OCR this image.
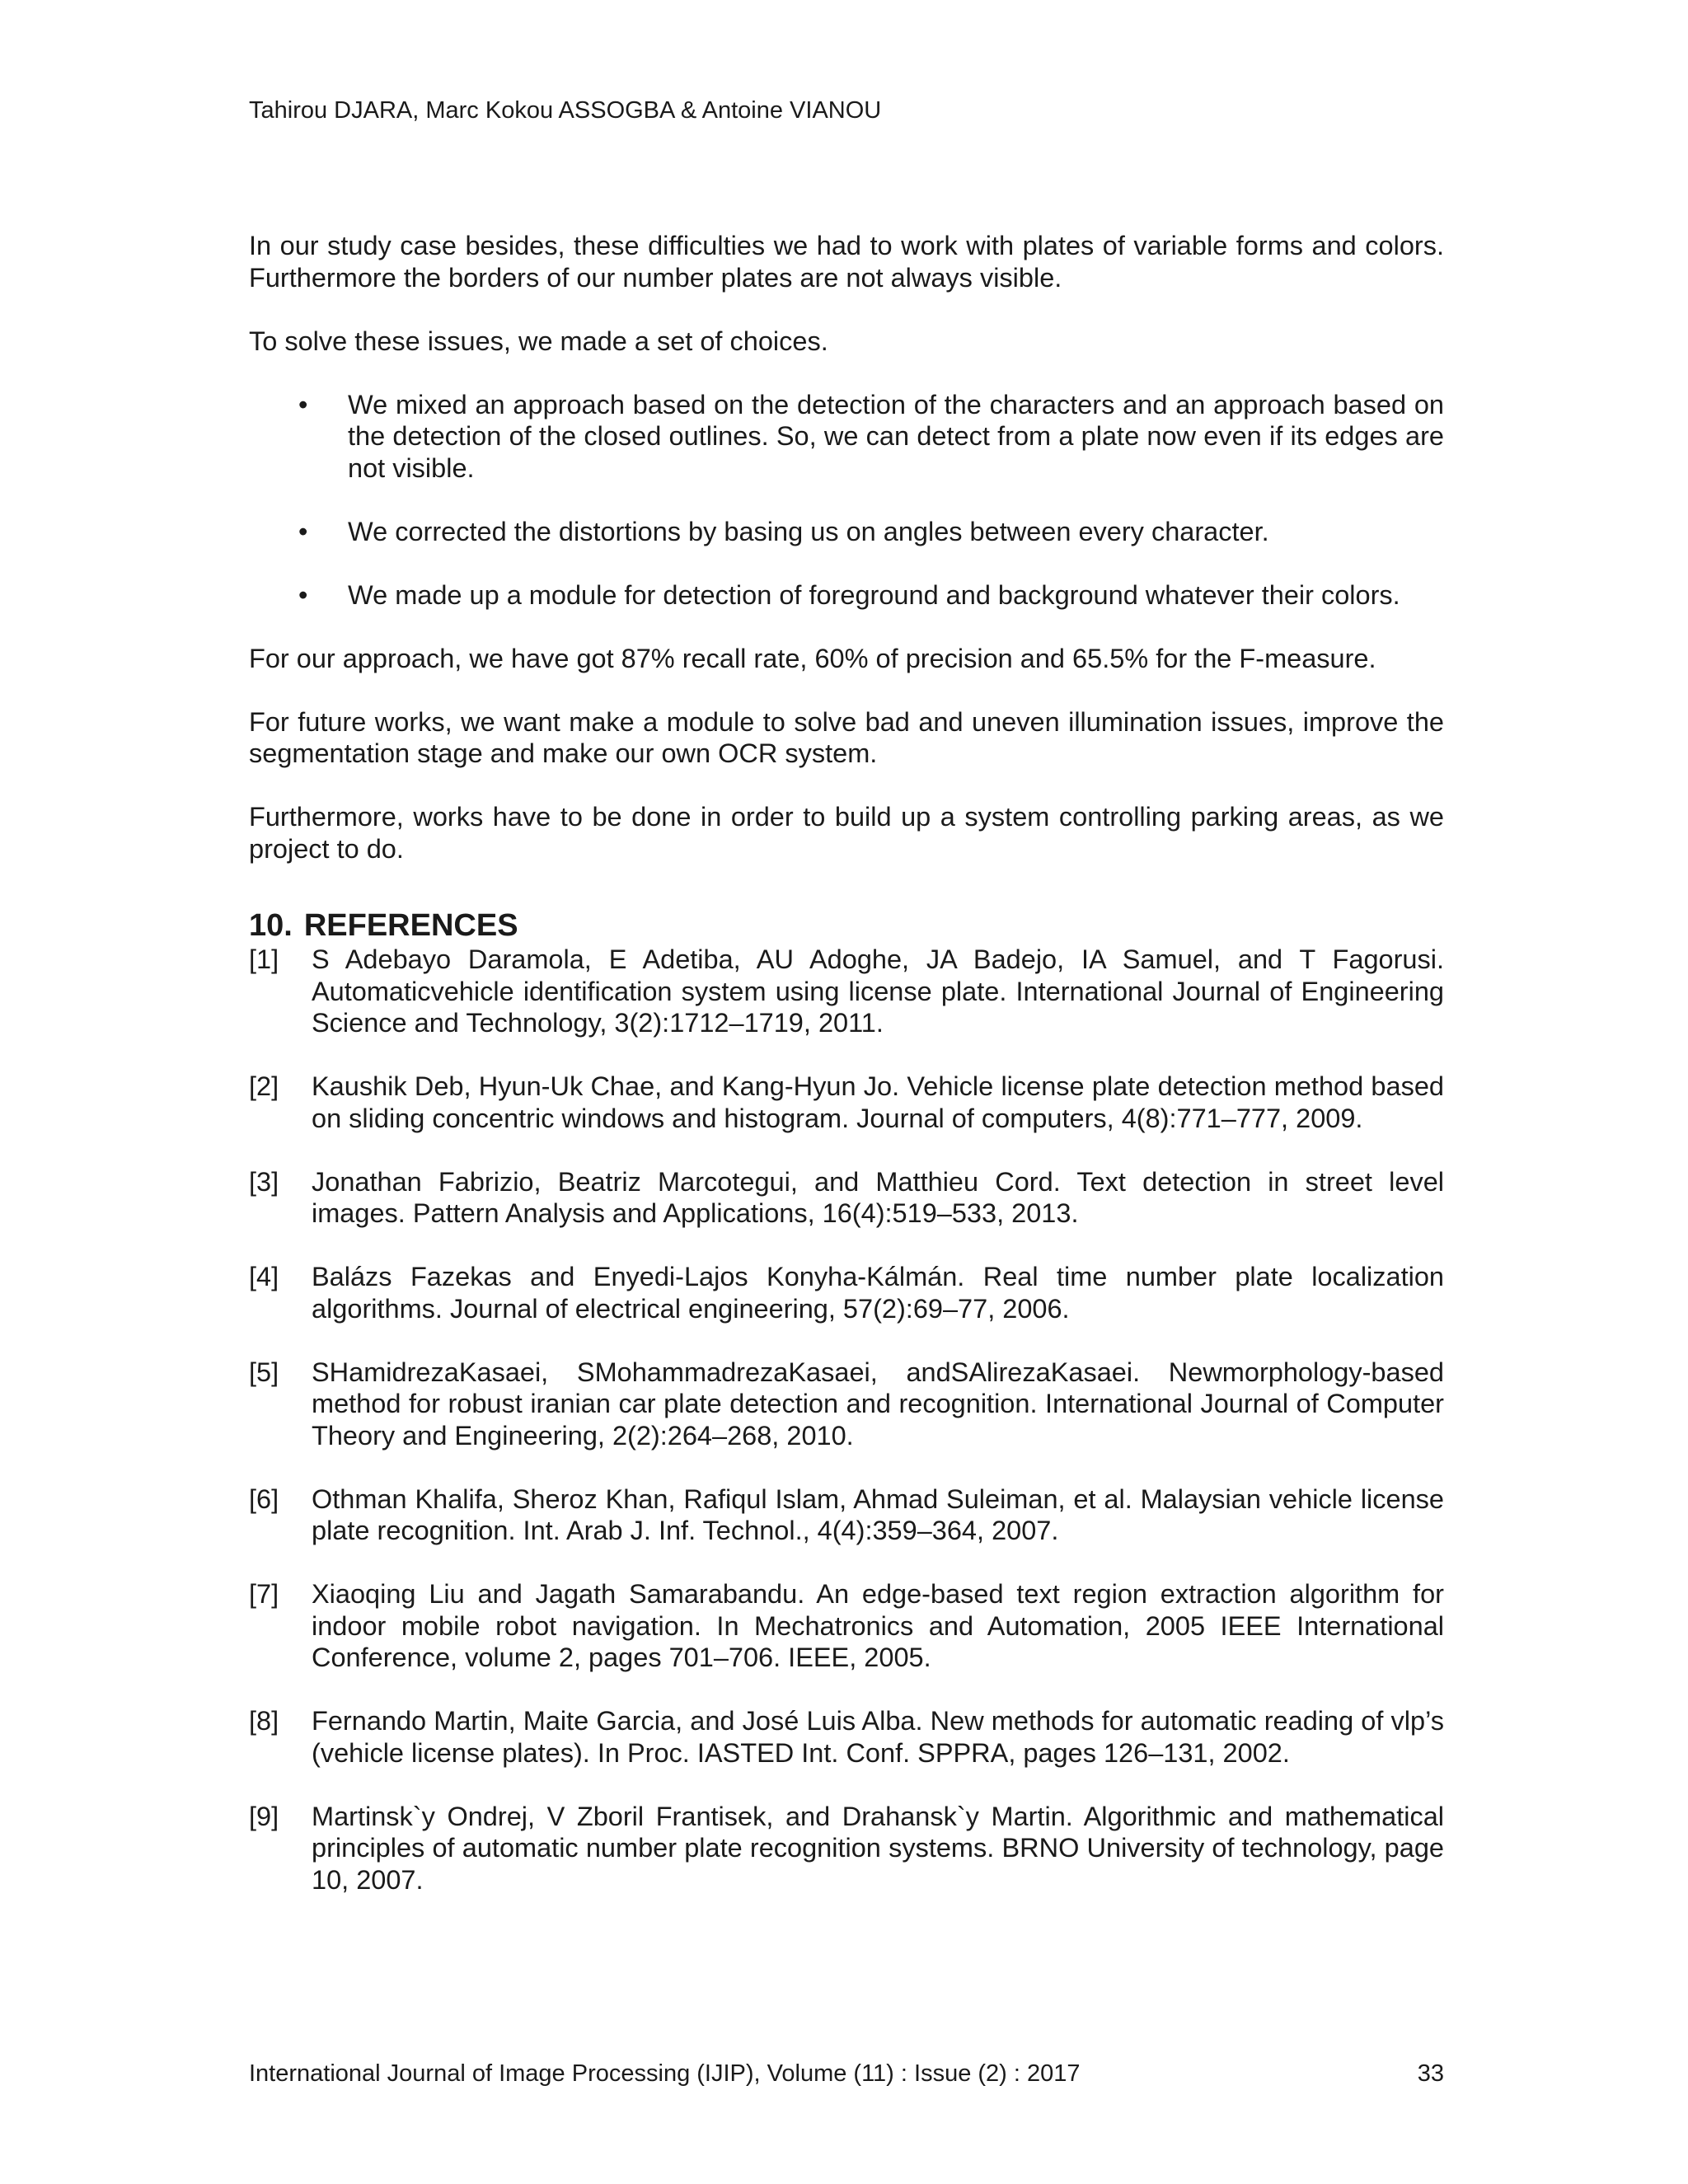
Tahirou DJARA, Marc Kokou ASSOGBA & Antoine VIANOU

In our study case besides, these difficulties we had to work with plates of variable forms and colors. Furthermore the borders of our number plates are not always visible.

To solve these issues, we made a set of choices.

• We mixed an approach based on the detection of the characters and an approach based on the detection of the closed outlines. So, we can detect from a plate now even if its edges are not visible.
• We corrected the distortions by basing us on angles between every character.
• We made up a module for detection of foreground and background whatever their colors.

For our approach, we have got 87% recall rate, 60% of precision and 65.5% for the F-measure.

For future works, we want make a module to solve bad and uneven illumination issues, improve the segmentation stage and make our own OCR system.

Furthermore, works have to be done in order to build up a system controlling parking areas, as we project to do.

10. REFERENCES
[1] S Adebayo Daramola, E Adetiba, AU Adoghe, JA Badejo, IA Samuel, and T Fagorusi. Automaticvehicle identification system using license plate. International Journal of Engineering Science and Technology, 3(2):1712–1719, 2011.
[2] Kaushik Deb, Hyun-Uk Chae, and Kang-Hyun Jo. Vehicle license plate detection method based on sliding concentric windows and histogram. Journal of computers, 4(8):771–777, 2009.
[3] Jonathan Fabrizio, Beatriz Marcotegui, and Matthieu Cord. Text detection in street level images. Pattern Analysis and Applications, 16(4):519–533, 2013.
[4] Balázs Fazekas and Enyedi-Lajos Konyha-Kálmán. Real time number plate localization algorithms. Journal of electrical engineering, 57(2):69–77, 2006.
[5] SHamidrezaKasaei, SMohammadrezaKasaei, andSAlirezaKasaei. Newmorphology-based method for robust iranian car plate detection and recognition. International Journal of Computer Theory and Engineering, 2(2):264–268, 2010.
[6] Othman Khalifa, Sheroz Khan, Rafiqul Islam, Ahmad Suleiman, et al. Malaysian vehicle license plate recognition. Int. Arab J. Inf. Technol., 4(4):359–364, 2007.
[7] Xiaoqing Liu and Jagath Samarabandu. An edge-based text region extraction algorithm for indoor mobile robot navigation. In Mechatronics and Automation, 2005 IEEE International Conference, volume 2, pages 701–706. IEEE, 2005.
[8] Fernando Martin, Maite Garcia, and José Luis Alba. New methods for automatic reading of vlp’s (vehicle license plates). In Proc. IASTED Int. Conf. SPPRA, pages 126–131, 2002.
[9] Martinsk`y Ondrej, V Zboril Frantisek, and Drahansk`y Martin. Algorithmic and mathematical principles of automatic number plate recognition systems. BRNO University of technology, page 10, 2007.
International Journal of Image Processing (IJIP), Volume (11) : Issue (2) : 2017	33
